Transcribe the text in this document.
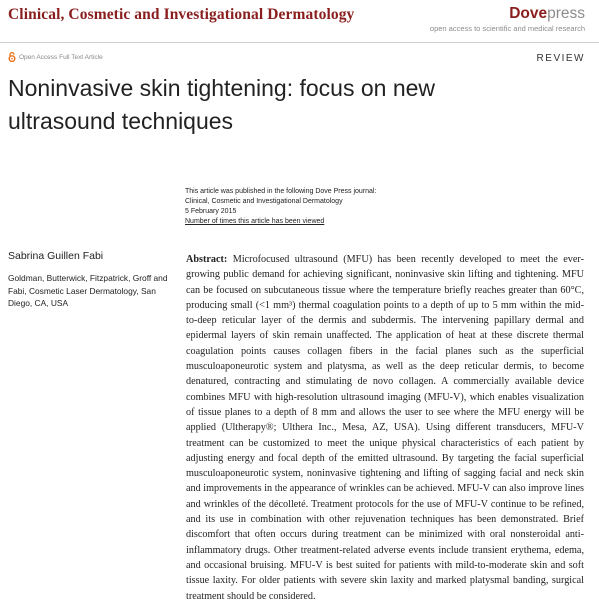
Clinical, Cosmetic and Investigational Dermatology	Dovepress
open access to scientific and medical research
Open Access Full Text Article	REVIEW
Noninvasive skin tightening: focus on new ultrasound techniques
This article was published in the following Dove Press journal:
Clinical, Cosmetic and Investigational Dermatology
5 February 2015
Number of times this article has been viewed
Sabrina Guillen Fabi
Goldman, Butterwick, Fitzpatrick, Groff and Fabi, Cosmetic Laser Dermatology, San Diego, CA, USA

Abstract: Microfocused ultrasound (MFU) has been recently developed to meet the ever-growing public demand for achieving significant, noninvasive skin lifting and tightening. MFU can be focused on subcutaneous tissue where the temperature briefly reaches greater than 60°C, producing small (<1 mm³) thermal coagulation points to a depth of up to 5 mm within the mid-to-deep reticular layer of the dermis and subdermis. The intervening papillary dermal and epidermal layers of skin remain unaffected. The application of heat at these discrete thermal coagulation points causes collagen fibers in the facial planes such as the superficial musculoaponeurotic system and platysma, as well as the deep reticular dermis, to become denatured, contracting and stimulating de novo collagen. A commercially available device combines MFU with high-resolution ultrasound imaging (MFU-V), which enables visualization of tissue planes to a depth of 8 mm and allows the user to see where the MFU energy will be applied (Ultherapy®; Ulthera Inc., Mesa, AZ, USA). Using different transducers, MFU-V treatment can be customized to meet the unique physical characteristics of each patient by adjusting energy and focal depth of the emitted ultrasound. By targeting the facial superficial musculoaponeurotic system, noninvasive tightening and lifting of sagging facial and neck skin and improvements in the appearance of wrinkles can be achieved. MFU-V can also improve lines and wrinkles of the décolleté. Treatment protocols for the use of MFU-V continue to be refined, and its use in combination with other rejuvenation techniques has been demonstrated. Brief discomfort that often occurs during treatment can be minimized with oral nonsteroidal anti-inflammatory drugs. Other treatment-related adverse events include transient erythema, edema, and occasional bruising. MFU-V is best suited for patients with mild-to-moderate skin and soft tissue laxity. For older patients with severe skin laxity and marked platysmal banding, surgical treatment should be considered.
